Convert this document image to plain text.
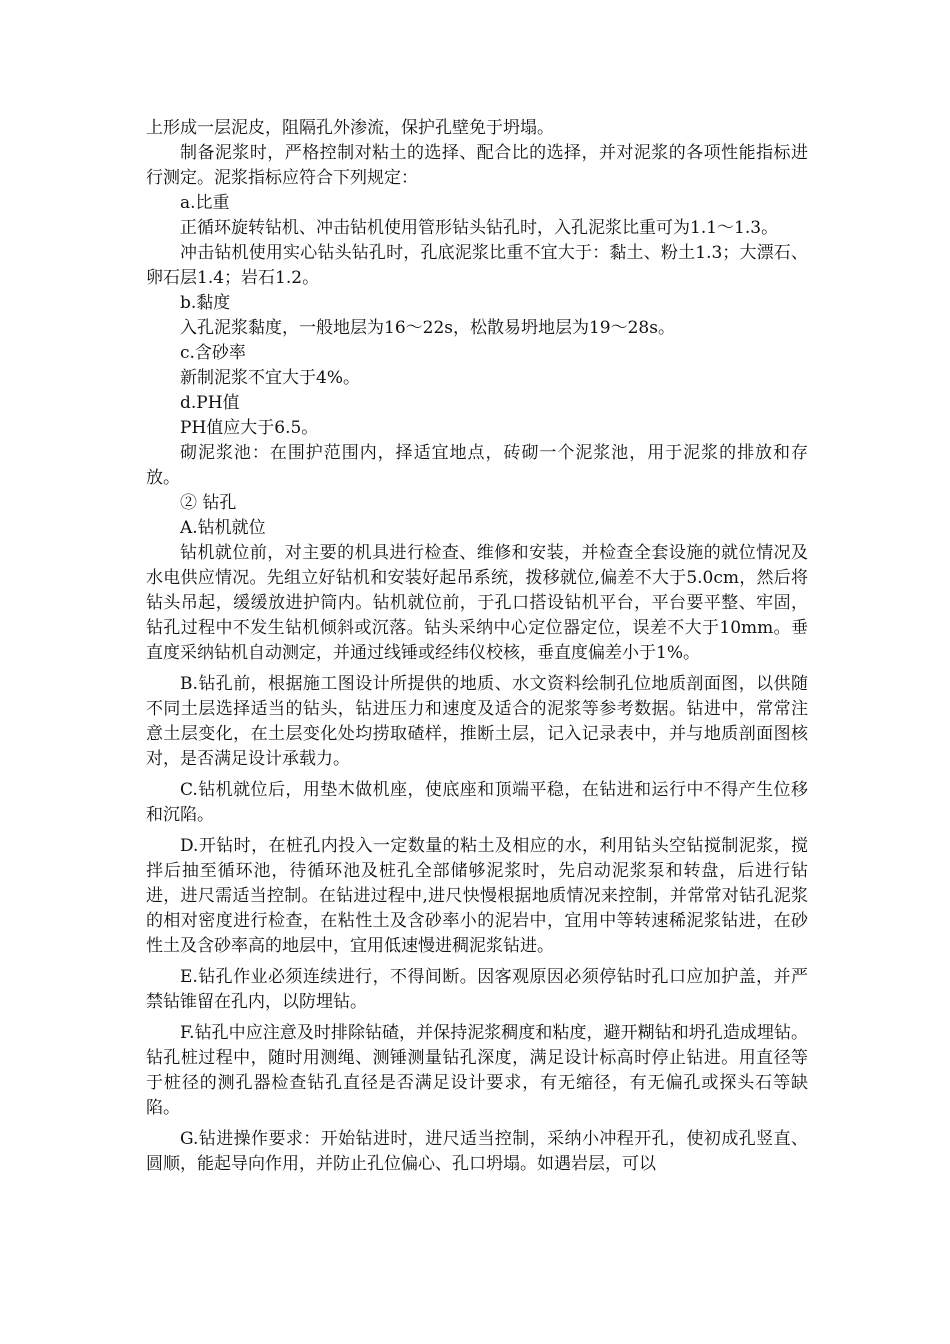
上形成一层泥皮，阻隔孔外渗流，保护孔壁免于坍塌。

制备泥浆时，严格控制对粘土的选择、配合比的选择，并对泥浆的各项性能指标进行测定。泥浆指标应符合下列规定：

a.比重

正循环旋转钻机、冲击钻机使用管形钻头钻孔时，入孔泥浆比重可为1.1～1.3。

冲击钻机使用实心钻头钻孔时，孔底泥浆比重不宜大于：黏土、粉土1.3；大漂石、卵石层1.4；岩石1.2。

b.黏度

入孔泥浆黏度，一般地层为16～22s，松散易坍地层为19～28s。

c.含砂率

新制泥浆不宜大于4%。

d.PH值

PH值应大于6.5。

砌泥浆池：在围护范围内，择适宜地点，砖砌一个泥浆池，用于泥浆的排放和存放。

② 钻孔

A.钻机就位

钻机就位前，对主要的机具进行检查、维修和安装，并检查全套设施的就位情况及水电供应情况。先组立好钻机和安装好起吊系统，拨移就位,偏差不大于5.0cm，然后将钻头吊起，缓缓放进护筒内。钻机就位前，于孔口搭设钻机平台，平台要平整、牢固，钻孔过程中不发生钻机倾斜或沉落。钻头采纳中心定位器定位，误差不大于10mm。垂直度采纳钻机自动测定，并通过线锤或经纬仪校核，垂直度偏差小于1%。

B.钻孔前，根据施工图设计所提供的地质、水文资料绘制孔位地质剖面图，以供随不同土层选择适当的钻头，钻进压力和速度及适合的泥浆等参考数据。钻进中，常常注意土层变化，在土层变化处均捞取碴样，推断土层，记入记录表中，并与地质剖面图核对，是否满足设计承载力。

C.钻机就位后，用垫木做机座，使底座和顶端平稳，在钻进和运行中不得产生位移和沉陷。

D.开钻时，在桩孔内投入一定数量的粘土及相应的水，利用钻头空钻搅制泥浆，搅拌后抽至循环池，待循环池及桩孔全部储够泥浆时，先启动泥浆泵和转盘，后进行钻进，进尺需适当控制。在钻进过程中,进尺快慢根据地质情况来控制，并常常对钻孔泥浆的相对密度进行检查，在粘性土及含砂率小的泥岩中，宜用中等转速稀泥浆钻进，在砂性土及含砂率高的地层中，宜用低速慢进稠泥浆钻进。

E.钻孔作业必须连续进行，不得间断。因客观原因必须停钻时孔口应加护盖，并严禁钻锥留在孔内，以防埋钻。

F.钻孔中应注意及时排除钻碴，并保持泥浆稠度和粘度，避开糊钻和坍孔造成埋钻。钻孔桩过程中，随时用测绳、测锤测量钻孔深度，满足设计标高时停止钻进。用直径等于桩径的测孔器检查钻孔直径是否满足设计要求，有无缩径，有无偏孔或探头石等缺陷。

G.钻进操作要求：开始钻进时，进尺适当控制，采纳小冲程开孔，使初成孔竖直、圆顺，能起导向作用，并防止孔位偏心、孔口坍塌。如遇岩层，可以
